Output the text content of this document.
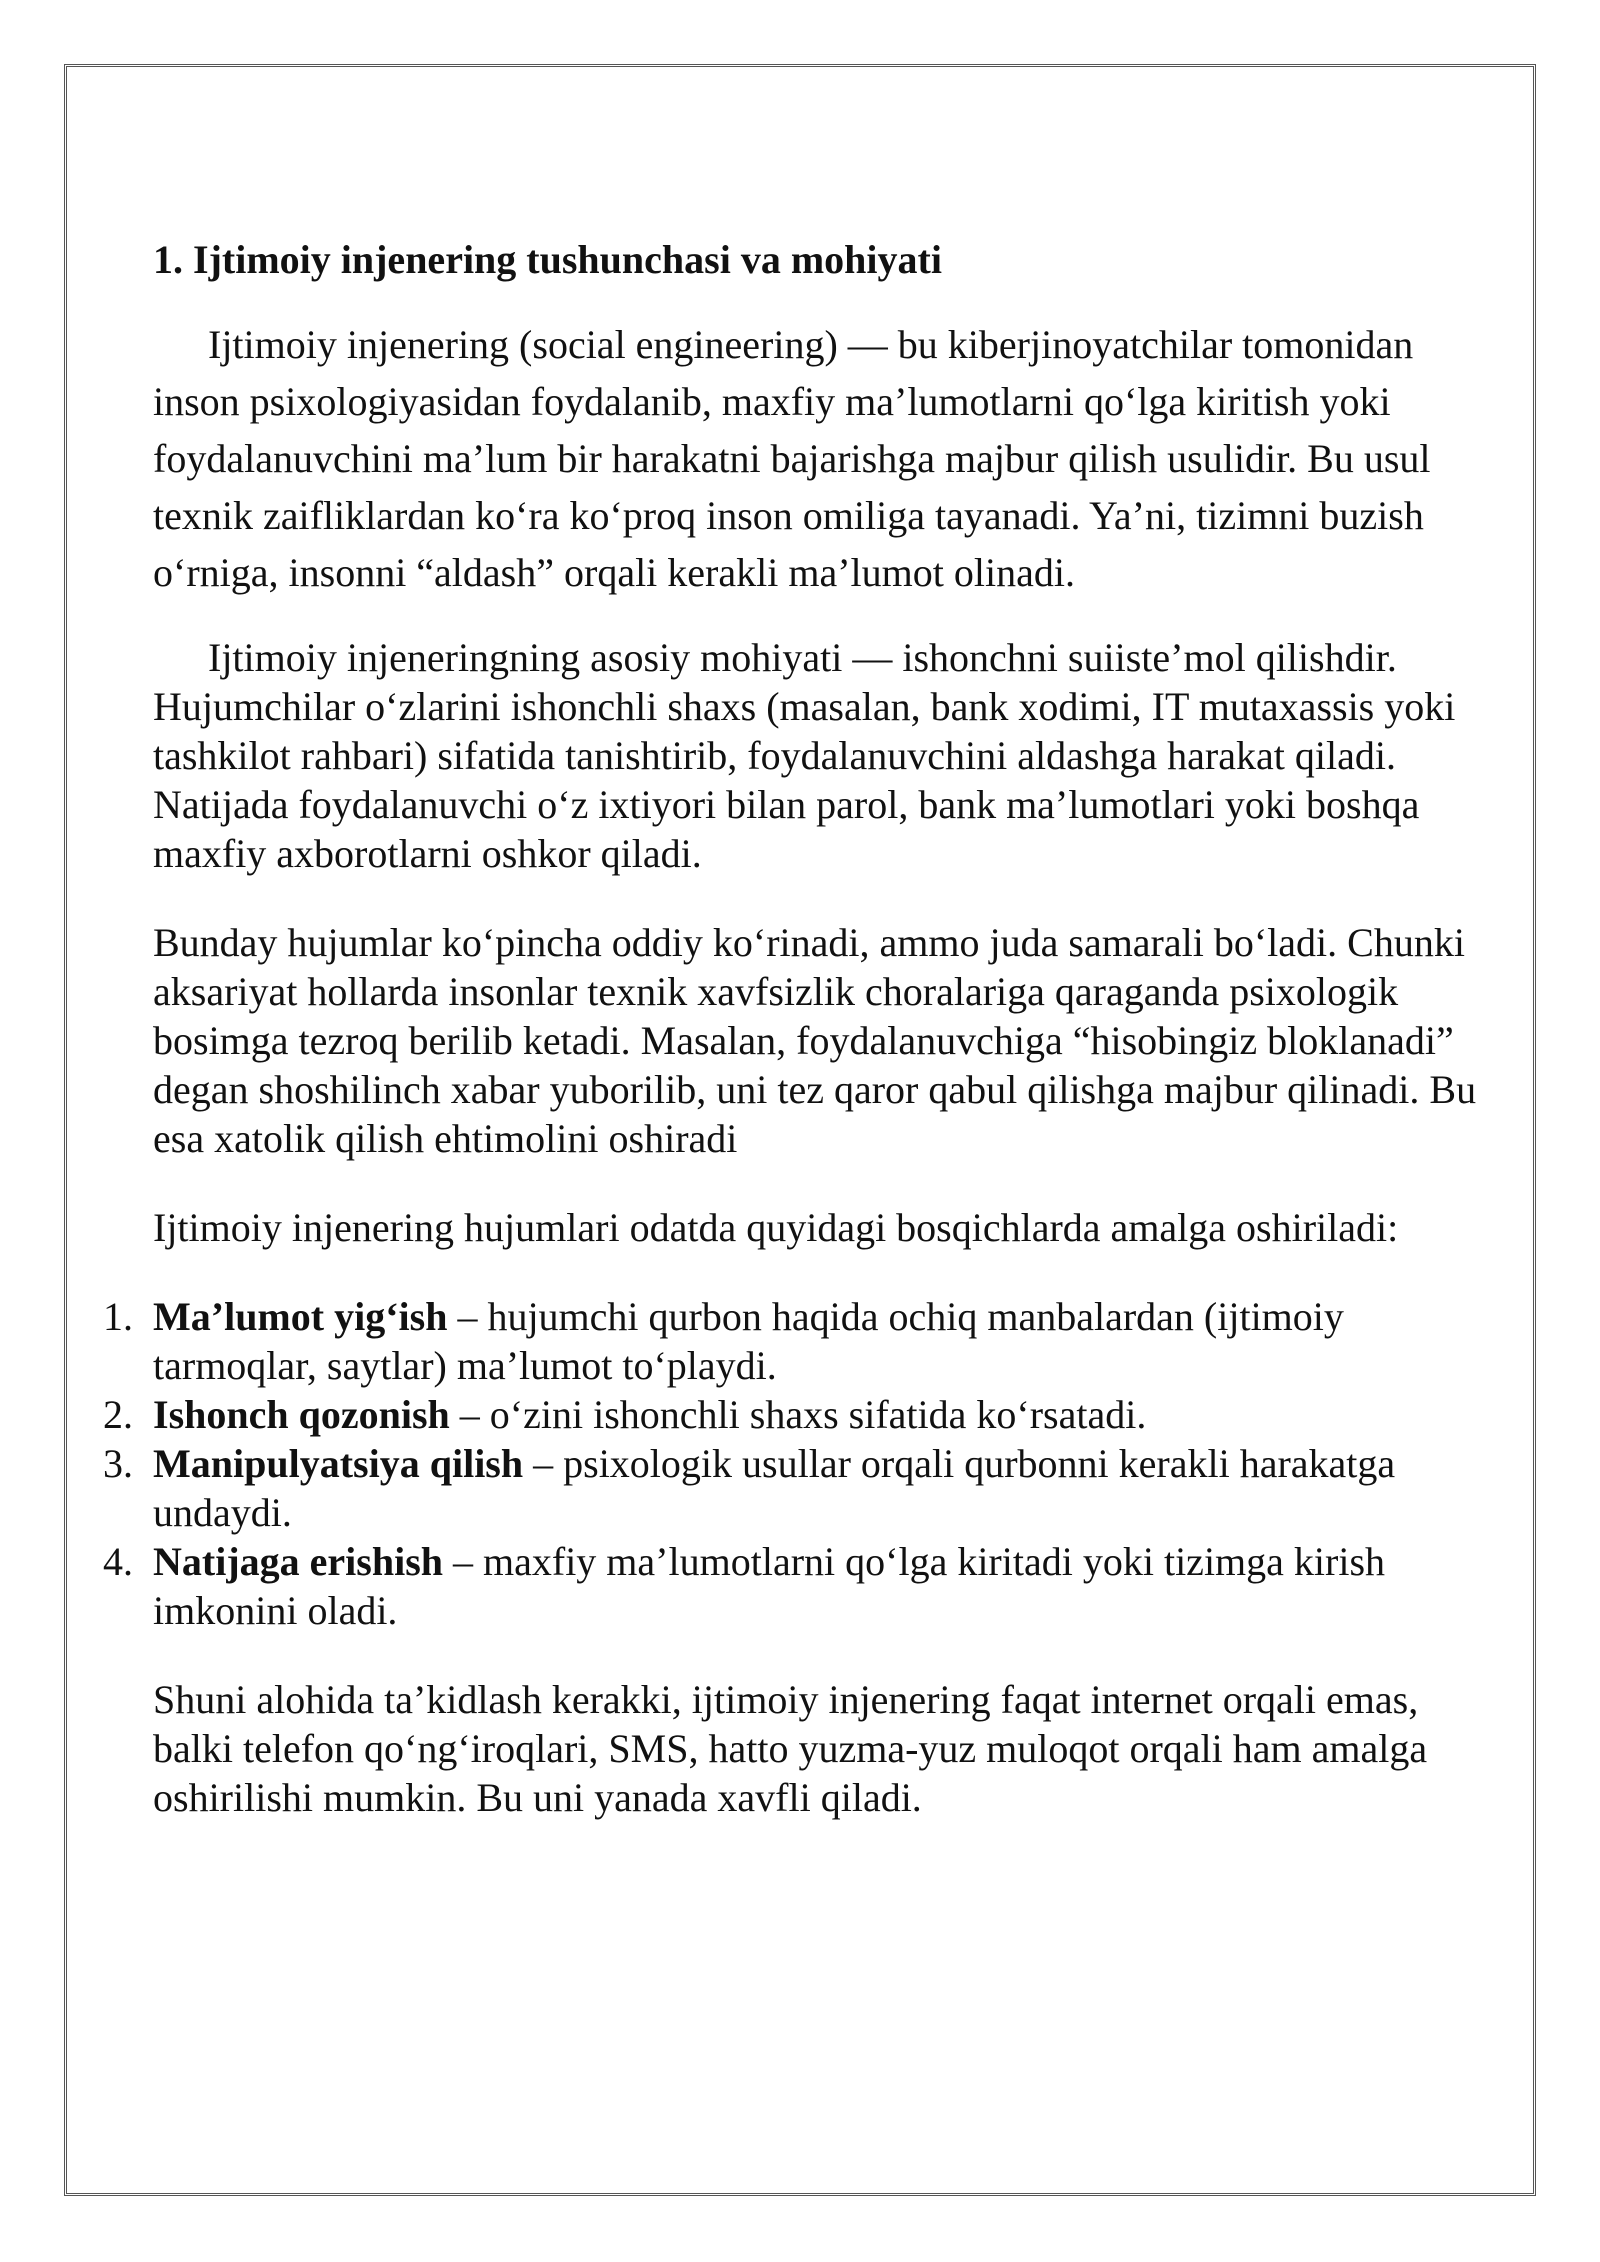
1. Ijtimoiy injenering tushunchasi va mohiyati

Ijtimoiy injenering (social engineering) — bu kiberjinoyatchilar tomonidan inson psixologiyasidan foydalanib, maxfiy ma’lumotlarni qo‘lga kiritish yoki foydalanuvchini ma’lum bir harakatni bajarishga majbur qilish usulidir. Bu usul texnik zaifliklardan ko‘ra ko‘proq inson omiliga tayanadi. Ya’ni, tizimni buzish o‘rniga, insonni “aldash” orqali kerakli ma’lumot olinadi.

Ijtimoiy injeneringning asosiy mohiyati — ishonchni suiiste’mol qilishdir. Hujumchilar o‘zlarini ishonchli shaxs (masalan, bank xodimi, IT mutaxassis yoki tashkilot rahbari) sifatida tanishtirib, foydalanuvchini aldashga harakat qiladi. Natijada foydalanuvchi o‘z ixtiyori bilan parol, bank ma’lumotlari yoki boshqa maxfiy axborotlarni oshkor qiladi.

Bunday hujumlar ko‘pincha oddiy ko‘rinadi, ammo juda samarali bo‘ladi. Chunki aksariyat hollarda insonlar texnik xavfsizlik choralariga qaraganda psixologik bosimga tezroq berilib ketadi. Masalan, foydalanuvchiga “hisobingiz bloklanadi” degan shoshilinch xabar yuborilib, uni tez qaror qabul qilishga majbur qilinadi. Bu esa xatolik qilish ehtimolini oshiradi

Ijtimoiy injenering hujumlari odatda quyidagi bosqichlarda amalga oshiriladi:

1. Ma’lumot yig‘ish – hujumchi qurbon haqida ochiq manbalardan (ijtimoiy tarmoqlar, saytlar) ma’lumot to‘playdi.
2. Ishonch qozonish – o‘zini ishonchli shaxs sifatida ko‘rsatadi.
3. Manipulyatsiya qilish – psixologik usullar orqali qurbonni kerakli harakatga undaydi.
4. Natijaga erishish – maxfiy ma’lumotlarni qo‘lga kiritadi yoki tizimga kirish imkonini oladi.

Shuni alohida ta’kidlash kerakki, ijtimoiy injenering faqat internet orqali emas, balki telefon qo‘ng‘iroqlari, SMS, hatto yuzma-yuz muloqot orqali ham amalga oshirilishi mumkin. Bu uni yanada xavfli qiladi.
